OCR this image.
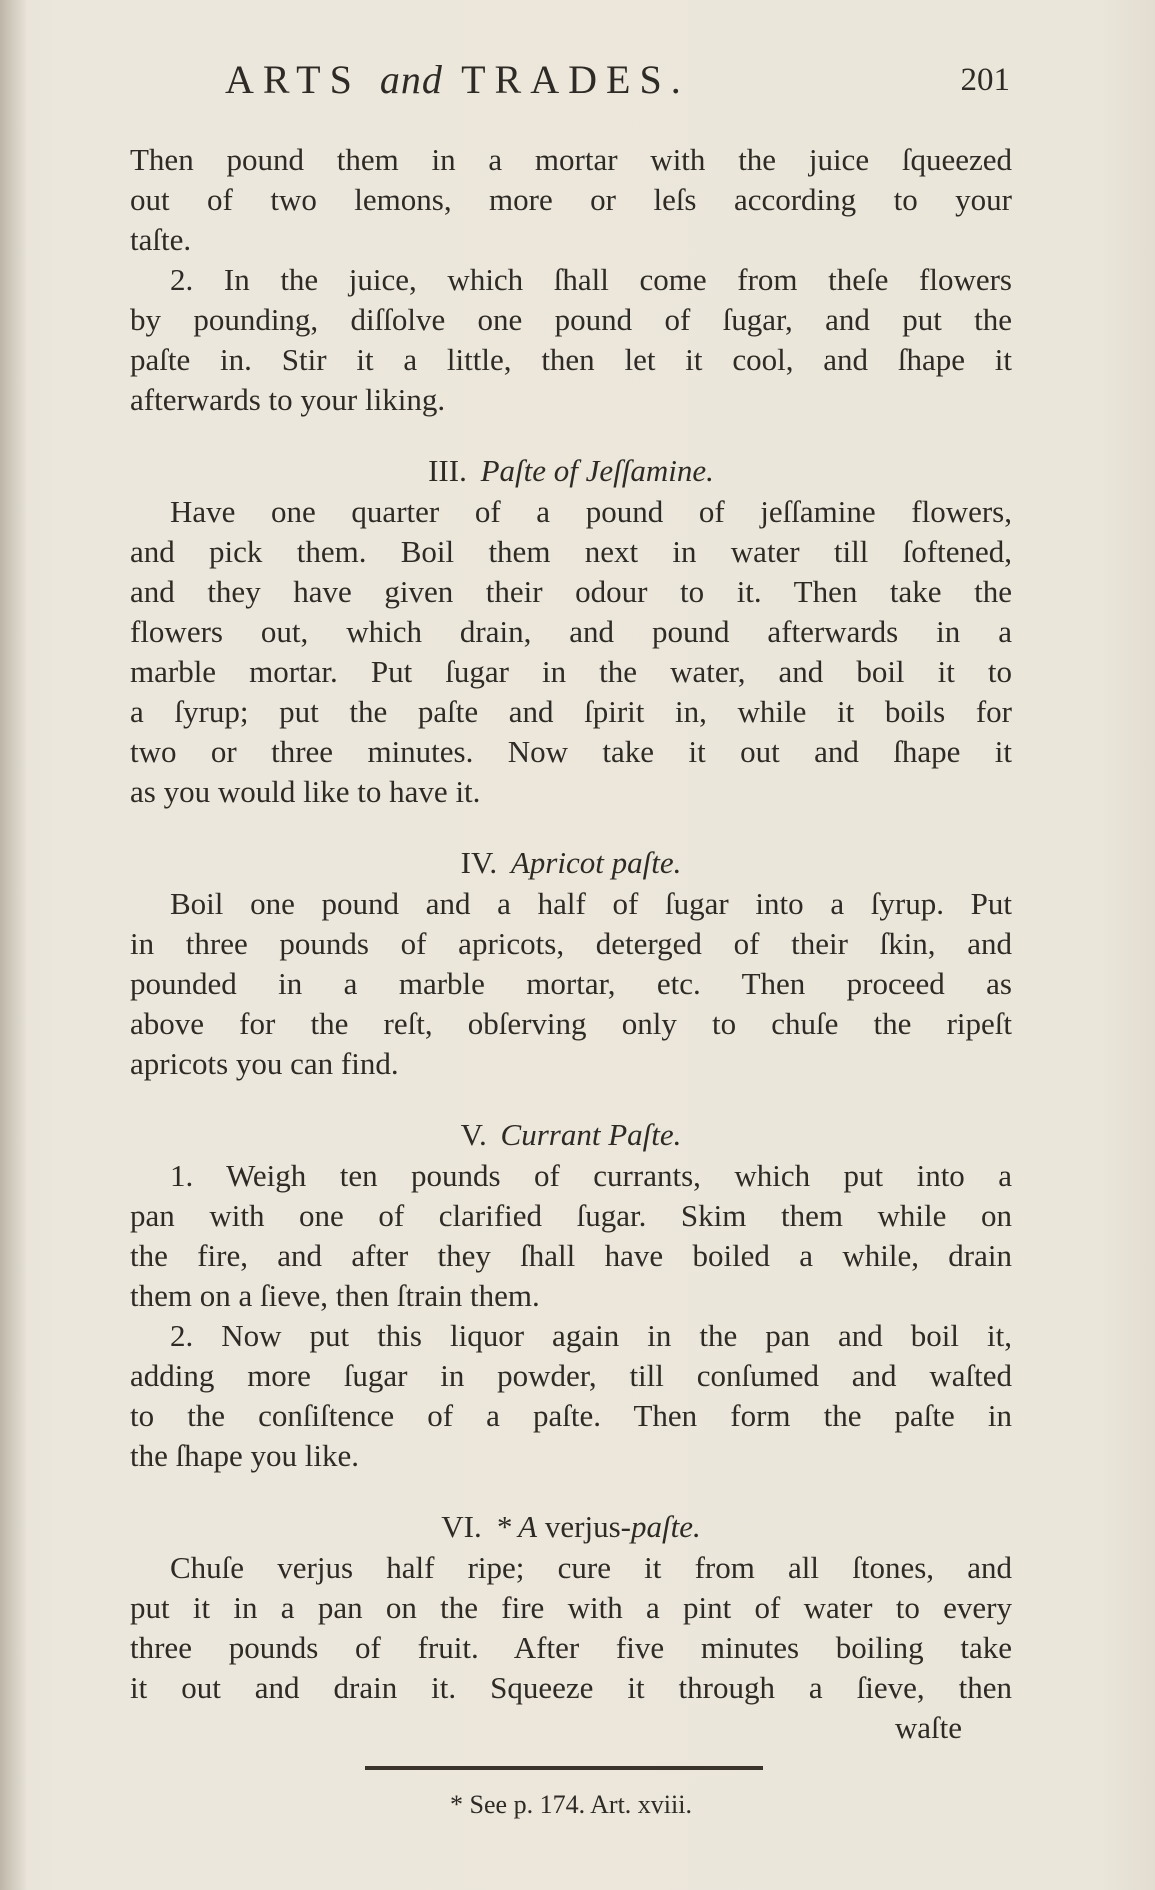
ARTS and TRADES.	201

Then pound them in a mortar with the juice ſqueezed

out of two lemons, more or leſs according to your

taſte.

2. In the juice, which ſhall come from theſe flowers

by pounding, diſſolve one pound of ſugar, and put the

paſte in. Stir it a little, then let it cool, and ſhape it

afterwards to your liking.

III. Paſte of Jeſſamine.

Have one quarter of a pound of jeſſamine flowers,

and pick them. Boil them next in water till ſoftened,

and they have given their odour to it. Then take the

flowers out, which drain, and pound afterwards in a

marble mortar. Put ſugar in the water, and boil it to

a ſyrup; put the paſte and ſpirit in, while it boils for

two or three minutes. Now take it out and ſhape it

as you would like to have it.

IV. Apricot paſte.

Boil one pound and a half of ſugar into a ſyrup. Put

in three pounds of apricots, deterged of their ſkin, and

pounded in a marble mortar, etc. Then proceed as

above for the reſt, obſerving only to chuſe the ripeſt

apricots you can find.

V. Currant Paſte.

1. Weigh ten pounds of currants, which put into a

pan with one of clarified ſugar. Skim them while on

the fire, and after they ſhall have boiled a while, drain

them on a ſieve, then ſtrain them.

2. Now put this liquor again in the pan and boil it,

adding more ſugar in powder, till conſumed and waſted

to the conſiſtence of a paſte. Then form the paſte in

the ſhape you like.

VI. * A verjus-paſte.

Chuſe verjus half ripe; cure it from all ſtones, and

put it in a pan on the fire with a pint of water to every

three pounds of fruit. After five minutes boiling take

it out and drain it. Squeeze it through a ſieve, then

waſte

* See p. 174. Art. xviii.
